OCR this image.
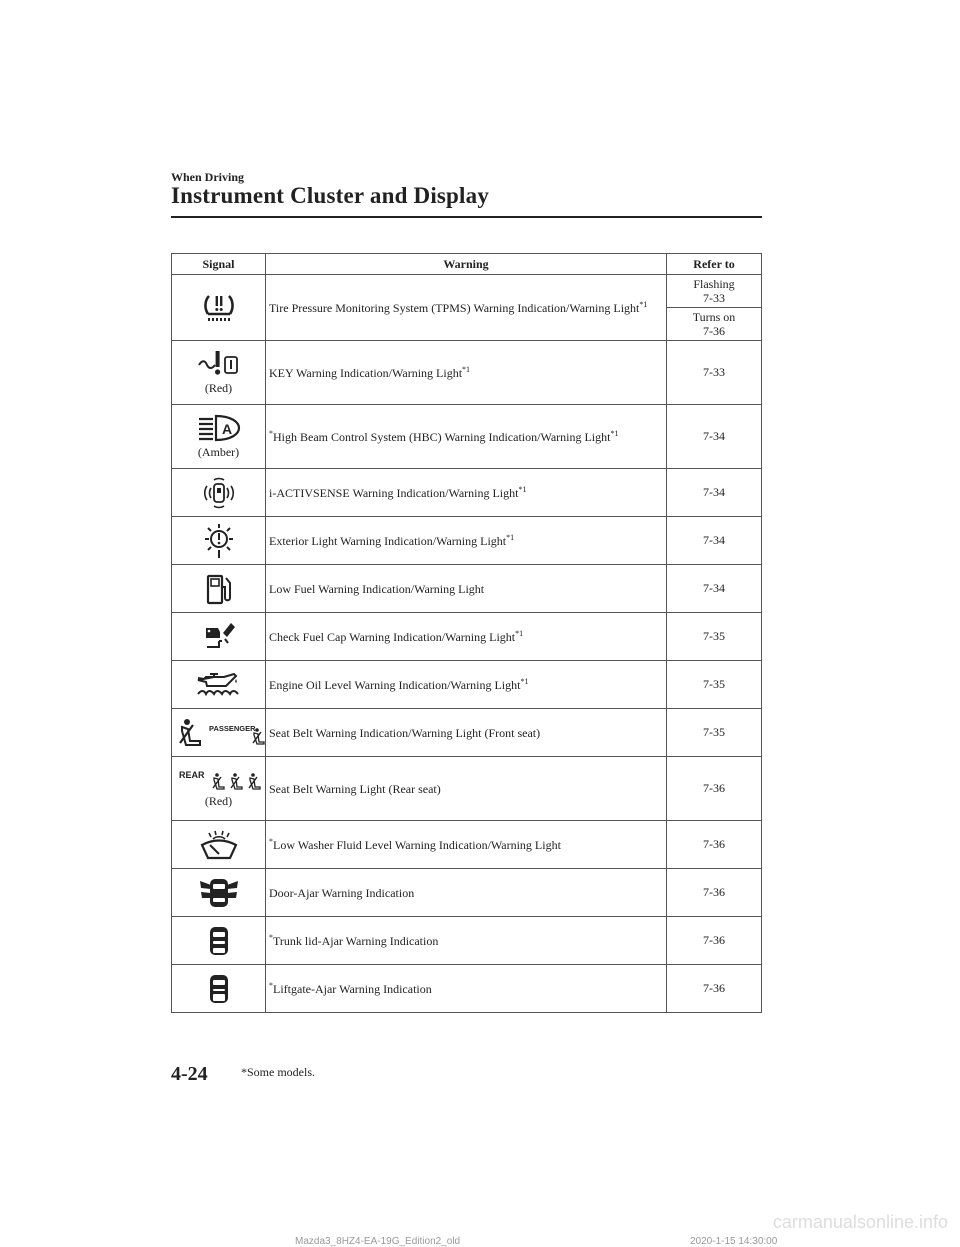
When Driving
Instrument Cluster and Display
Signal	Warning	Refer to

	Tire Pressure Monitoring System (TPMS) Warning Indication/Warning Light$^{*1}$	Flashing
7-33

		Turns on
7-36

(Red)	KEY Warning Indication/Warning Light$^{*1}$	7-33

A
(Amber)	*High Beam Control System (HBC) Warning Indication/Warning Light$^{*1}$	7-34

	i-ACTIVSENSE Warning Indication/Warning Light$^{*1}$	7-34

	Exterior Light Warning Indication/Warning Light$^{*1}$	7-34

	Low Fuel Warning Indication/Warning Light	7-34

	Check Fuel Cap Warning Indication/Warning Light$^{*1}$	7-35

	Engine Oil Level Warning Indication/Warning Light$^{*1}$	7-35

PASSENGER	Seat Belt Warning Indication/Warning Light (Front seat)	7-35

REAR
(Red)	Seat Belt Warning Light (Rear seat)	7-36

	*Low Washer Fluid Level Warning Indication/Warning Light	7-36

	Door-Ajar Warning Indication	7-36

	*Trunk lid-Ajar Warning Indication	7-36

	*Liftgate-Ajar Warning Indication	7-36
4-24	*Some models.
Mazda3_8HZ4-EA-19G_Edition2_old	2020-1-15 14:30:00
carmanualsonline.info
